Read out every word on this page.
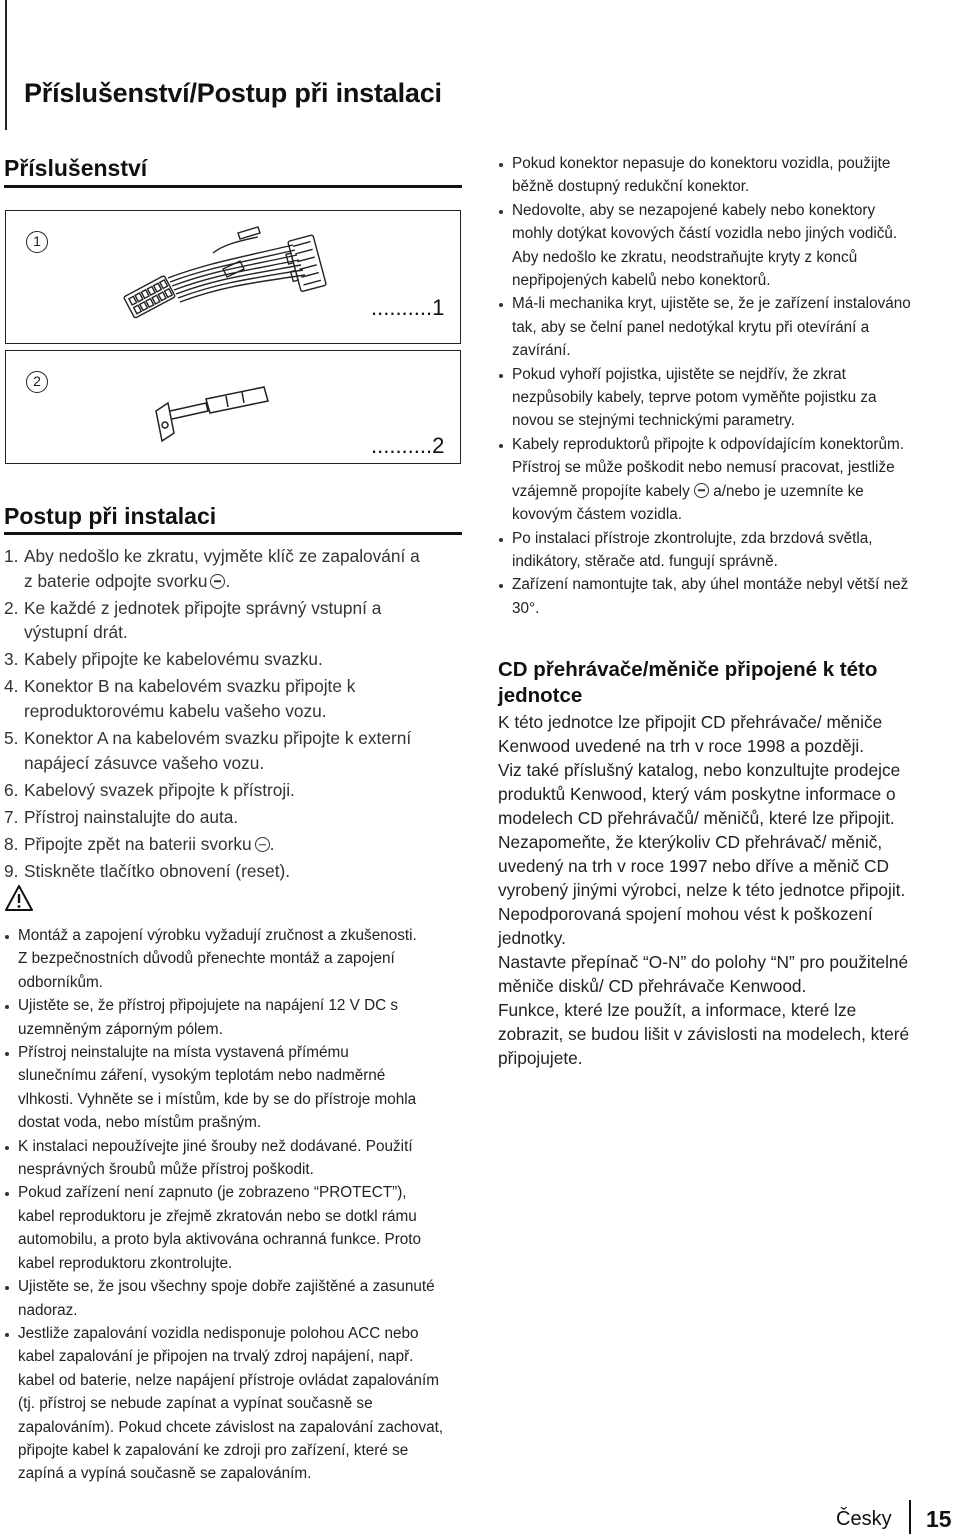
Příslušenství/Postup při instalaci
Příslušenství
1
..........1
2
..........2
Postup při instalaci
1. Aby nedošlo ke zkratu, vyjměte klíč ze zapalování a
z baterie odpojte svorku .
2. Ke každé z jednotek připojte správný vstupní a
výstupní drát.
3. Kabely připojte ke kabelovému svazku.
4. Konektor B na kabelovém svazku připojte k
reproduktorovému kabelu vašeho vozu.
5. Konektor A na kabelovém svazku připojte k externí
napájecí zásuvce vašeho vozu.
6. Kabelový svazek připojte k přístroji.
7. Přístroj nainstalujte do auta.
8. Připojte zpět na baterii svorku .
9. Stiskněte tlačítko obnovení (reset).
Montáž a zapojení výrobku vyžadují zručnost a zkušenosti.
Z bezpečnostních důvodů přenechte montáž a zapojení
odborníkům.
Ujistěte se, že přístroj připojujete na napájení 12 V DC s
uzemněným záporným pólem.
Přístroj neinstalujte na místa vystavená přímému
slunečnímu záření, vysokým teplotám nebo nadměrné
vlhkosti. Vyhněte se i místům, kde by se do přístroje mohla
dostat voda, nebo místům prašným.
K instalaci nepoužívejte jiné šrouby než dodávané. Použití
nesprávných šroubů může přístroj poškodit.
Pokud zařízení není zapnuto (je zobrazeno “PROTECT”),
kabel reproduktoru je zřejmě zkratován nebo se dotkl rámu
automobilu, a proto byla aktivována ochranná funkce. Proto
kabel reproduktoru zkontrolujte.
Ujistěte se, že jsou všechny spoje dobře zajištěné a zasunuté
nadoraz.
Jestliže zapalování vozidla nedisponuje polohou ACC nebo
kabel zapalování je připojen na trvalý zdroj napájení, např.
kabel od baterie, nelze napájení přístroje ovládat zapalováním
(tj. přístroj se nebude zapínat a vypínat současně se
zapalováním). Pokud chcete závislost na zapalování zachovat,
připojte kabel k zapalování ke zdroji pro zařízení, které se
zapíná a vypíná současně se zapalováním.
Pokud konektor nepasuje do konektoru vozidla, použijte
běžně dostupný redukční konektor.
Nedovolte, aby se nezapojené kabely nebo konektory
mohly dotýkat kovových částí vozidla nebo jiných vodičů.
Aby nedošlo ke zkratu, neodstraňujte kryty z konců
nepřipojených kabelů nebo konektorů.
Má-li mechanika kryt, ujistěte se, že je zařízení instalováno
tak, aby se čelní panel nedotýkal krytu při otevírání a
zavírání.
Pokud vyhoří pojistka, ujistěte se nejdřív, že zkrat
nezpůsobily kabely, teprve potom vyměňte pojistku za
novou se stejnými technickými parametry.
Kabely reproduktorů připojte k odpovídajícím konektorům.
Přístroj se může poškodit nebo nemusí pracovat, jestliže
vzájemně propojíte kabely a/nebo je uzemníte ke
kovovým částem vozidla.
Po instalaci přístroje zkontrolujte, zda brzdová světla,
indikátory, stěrače atd. fungují správně.
Zařízení namontujte tak, aby úhel montáže nebyl větší než
30°.
CD přehrávače/měniče připojené k této
jednotce

K této jednotce lze připojit CD přehrávače/ měniče

Kenwood uvedené na trh v roce 1998 a později.

Viz také příslušný katalog, nebo konzultujte prodejce

produktů Kenwood, který vám poskytne informace o

modelech CD přehrávačů/ měničů, které lze připojit.

Nezapomeňte, že kterýkoliv CD přehrávač/ měnič,

uvedený na trh v roce 1997 nebo dříve a měnič CD

vyrobený jinými výrobci, nelze k této jednotce připojit.

Nepodporovaná spojení mohou vést k poškození

jednotky.

Nastavte přepínač “O-N” do polohy “N” pro použitelné

měniče disků/ CD přehrávače Kenwood.

Funkce, které lze použít, a informace, které lze

zobrazit, se budou lišit v závislosti na modelech, které

připojujete.

Česky 15
